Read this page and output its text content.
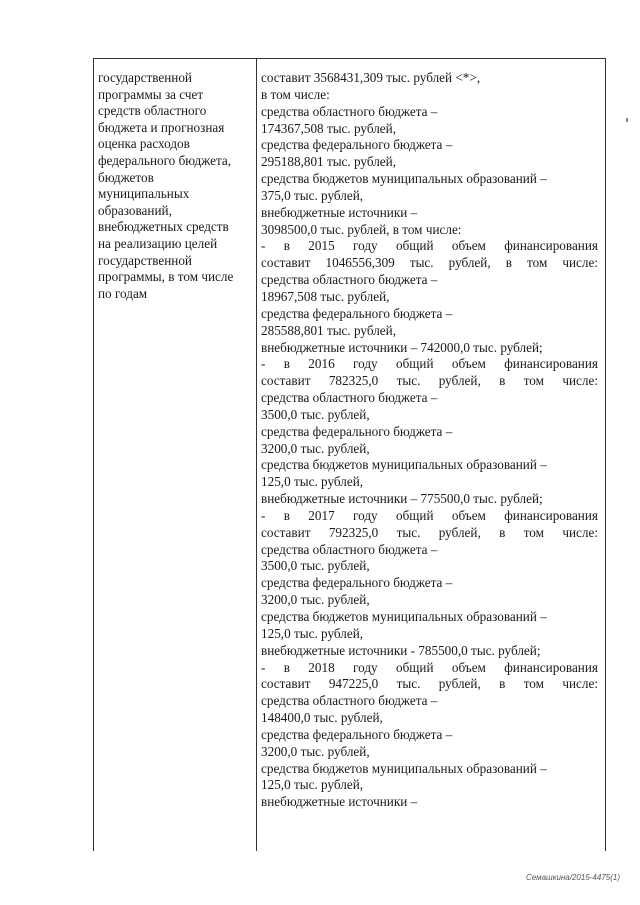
государственной
программы за счет
средств областного
бюджета и прогнозная
оценка расходов
федерального бюджета,
бюджетов
муниципальных
образований,
внебюджетных средств
на реализацию целей
государственной
программы, в том числе
по годам
составит 3568431,309 тыс. рублей <*>,
в том числе:
средства областного бюджета –
174367,508 тыс. рублей,
средства федерального бюджета –
295188,801 тыс. рублей,
средства бюджетов муниципальных образований –
375,0 тыс. рублей,
внебюджетные источники –
3098500,0 тыс. рублей, в том числе:
- в 2015 году общий объем финансирования
составит 1046556,309 тыс. рублей, в том числе:
средства областного бюджета –
18967,508 тыс. рублей,
средства федерального бюджета –
285588,801 тыс. рублей,
внебюджетные источники – 742000,0 тыс. рублей;
- в 2016 году общий объем финансирования
составит 782325,0 тыс. рублей, в том числе:
средства областного бюджета –
3500,0 тыс. рублей,
средства федерального бюджета –
3200,0 тыс. рублей,
средства бюджетов муниципальных образований –
125,0 тыс. рублей,
внебюджетные источники – 775500,0 тыс. рублей;
- в 2017 году общий объем финансирования
составит 792325,0 тыс. рублей, в том числе:
средства областного бюджета –
3500,0 тыс. рублей,
средства федерального бюджета –
3200,0 тыс. рублей,
средства бюджетов муниципальных образований –
125,0 тыс. рублей,
внебюджетные источники - 785500,0 тыс. рублей;
- в 2018 году общий объем финансирования
составит 947225,0 тыс. рублей, в том числе:
средства областного бюджета –
148400,0 тыс. рублей,
средства федерального бюджета –
3200,0 тыс. рублей,
средства бюджетов муниципальных образований –
125,0 тыс. рублей,
внебюджетные источники –
Семашкина/2015-4475(1)
